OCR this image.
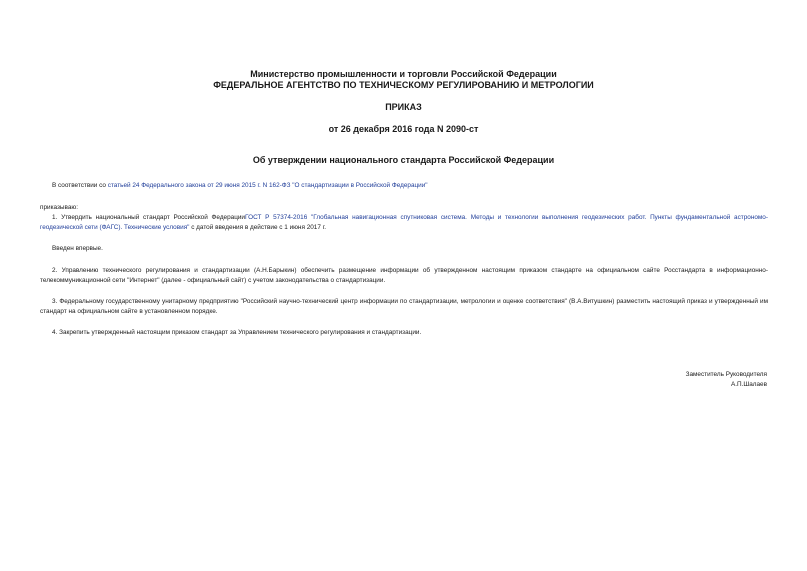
Министерство промышленности и торговли Российской Федерации
ФЕДЕРАЛЬНОЕ АГЕНТСТВО ПО ТЕХНИЧЕСКОМУ РЕГУЛИРОВАНИЮ И МЕТРОЛОГИИ
ПРИКАЗ
от 26 декабря 2016 года N 2090-ст
Об утверждении национального стандарта Российской Федерации
В соответствии со статьей 24 Федерального закона от 29 июня 2015 г. N 162-ФЗ "О стандартизации в Российской Федерации"
приказываю:
1. Утвердить национальный стандарт Российской ФедерацииГОСТ Р 57374-2016 "Глобальная навигационная спутниковая система. Методы и технологии выполнения геодезических работ. Пункты фундаментальной астрономо-геодезической сети (ФАГС). Технические условия" с датой введения в действие с 1 июня 2017 г.
Введен впервые.
2. Управлению технического регулирования и стандартизации (А.Н.Барыкин) обеспечить размещение информации об утвержденном настоящим приказом стандарте на официальном сайте Росстандарта в информационно-телекоммуникационной сети "Интернет" (далее - официальный сайт) с учетом законодательства о стандартизации.
3. Федеральному государственному унитарному предприятию "Российский научно-технический центр информации по стандартизации, метрологии и оценке соответствия" (В.А.Витушкин) разместить настоящий приказ и утвержденный им стандарт на официальном сайте в установленном порядке.
4. Закрепить утвержденный настоящим приказом стандарт за Управлением технического регулирования и стандартизации.
Заместитель Руководителя
А.П.Шалаев
